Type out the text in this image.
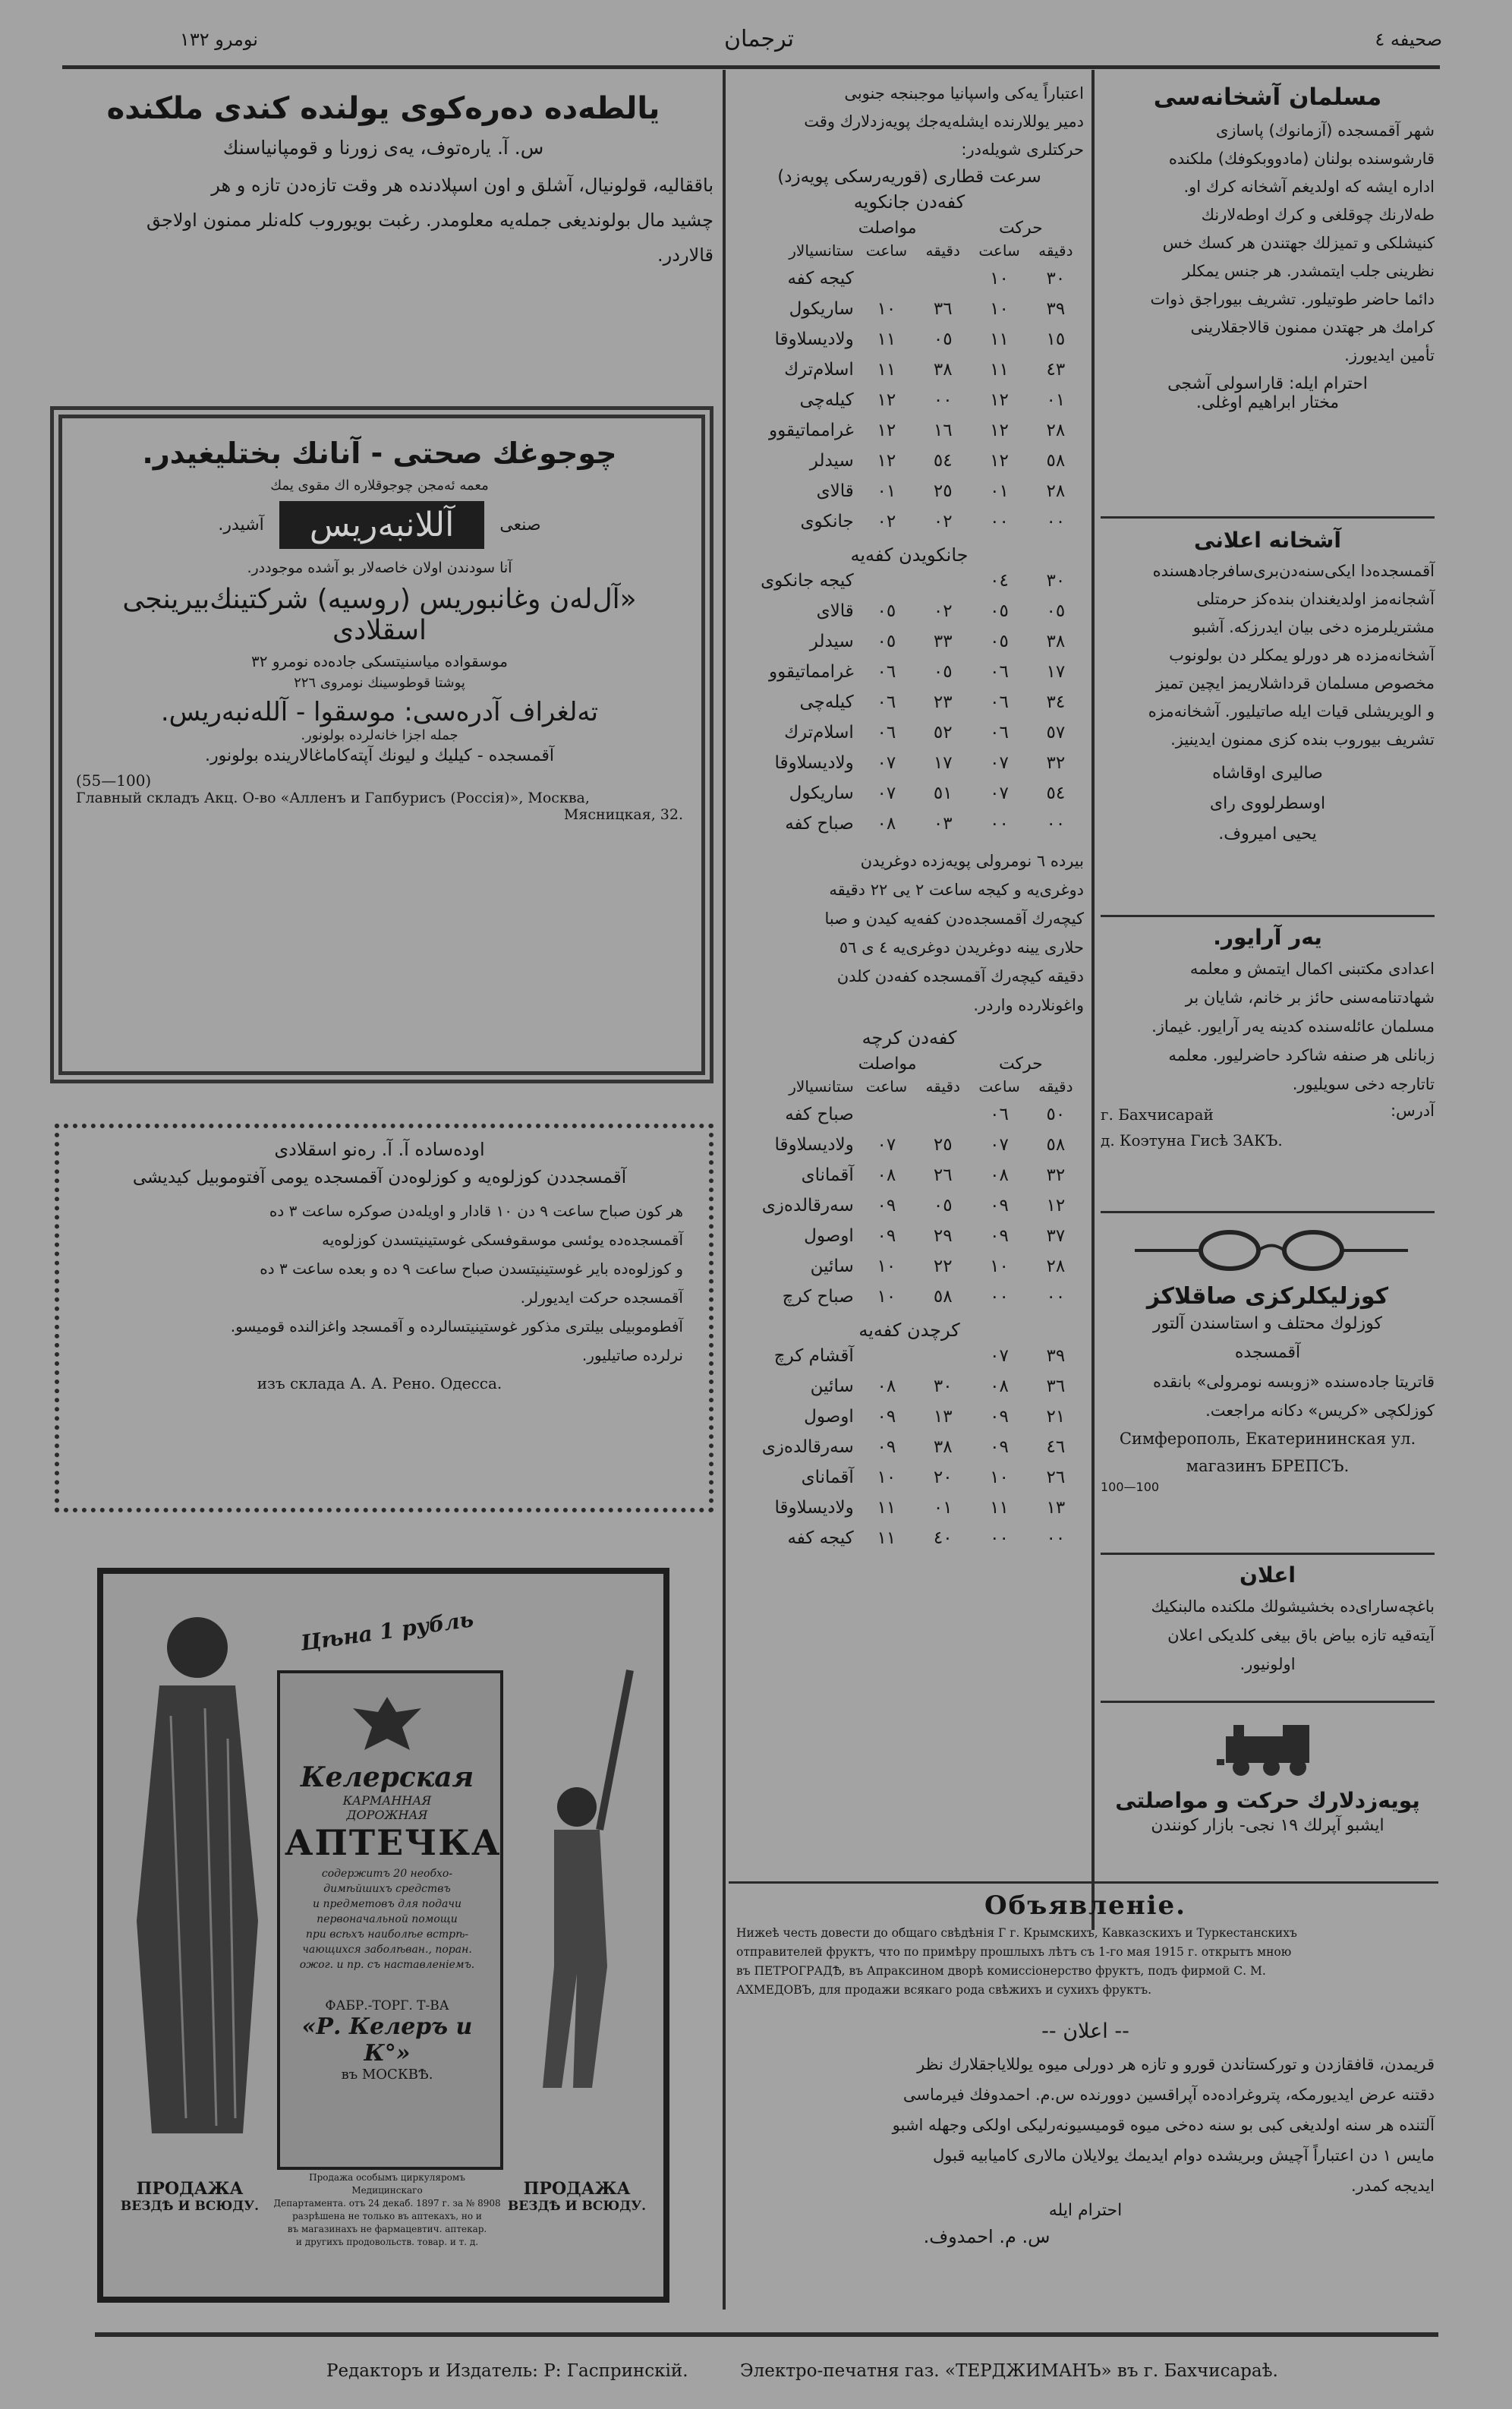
نومرو ١٣٢	ترجمان	صحيفه ٤
مسلمان آشخانه‌سی
شهر آقمسجده (آزمانوك) پاسازی
قارشوسنده بولنان (مادووبکوفك) ملکنده
اداره ایشه که اولدیغم آشخانه کرك او.
طه‌لارنك چوقلغی و کرك اوطه‌لارنك
کنیشلکی و تمیزلك جهتندن هر کسك خس
نظرینی جلب ایتمشدر. هر جنس یمکلر
دائما حاضر طوتیلور. تشریف بیوراجق ذوات
کرامك هر جهتدن ممنون قالاجقلارینی
تأمین ایدیورز.
احترام ایله: قاراسولی آشجی
مختار ابراهیم اوغلی.
آشخانه اعلانی
آقمسجده‌دا ایکی‌سنه‌دن‌بری‌سافرجادهسنده
آشجانه‌مز اولدیغندان بنده‌کز حرمتلی
مشتریلرمزه دخی بیان ایدرزکه. آشبو
آشخانه‌مزده هر دورلو یمکلر دن بولونوب
مخصوص مسلمان قرداشلاریمز ایچین تمیز
و الویریشلی قیات ایله صاتیلیور. آشخانه‌مزه
تشریف بیوروب بنده کزی ممنون ایدینیز.
صالیری اوقاشاه
اوسطرلووی رای
یحیی امیروف.
یه‌ر آرایور.
اعدادی مکتبنی اکمال ایتمش و معلمه
شهادتنامه‌سنی حائز بر خانم، شایان بر
مسلمان عائله‌سنده کدینه یه‌ر آرایور. غیماز.
زبانلی هر صنفه شاکرد حاضرلیور. معلمه
تاتارجه دخی سویلیور.
آدرس:
г. Бахчисарай
д. Коэтуна Гисѣ ЗАКЪ.
کوزلیکلرکزی صاقلاکز
کوزلوك محتلف و استاسندن آلتور
آقمسجده
قاتریتا جاده‌سنده «زوبسه نومرولی» بانقده
کوزلکچی «کریس» دکانه مراجعت.
Симферополь, Екатерининская ул.
магазинъ БРЕПСЪ.
100—100
اعلان
باغچه‌سارای‌ده بخشیشولك ملکنده مالبنکیك
آیته‌قیه تازه بیاض باق بیغی کلدیکی اعلان
اولونیور.
پویه‌زدلارك حرکت و مواصلتی
ایشبو آپرلك ١٩ نجی- بازار کونندن
اعتباراً یه‌کی واسپانیا موجبنجه جنوبی
دمیر یوللارنده ایشله‌یه‌جك پویه‌زدلارك وقت
حرکتلری شویله‌در:
سرعت قطاری (قوریه‌رسکی پویه‌زد)
کفه‌دن جانکویه
حرکت
مواصلت
دقیقه	ساعت	دقیقه	ساعت	ستانسیالار
٣٠	١٠			کیجه کفه
٣٩	١٠	٣٦	١٠	ساریکول
١٥	١١	٠٥	١١	ولادیسلاوقا
٤٣	١١	٣٨	١١	اسلام‌ترك
٠١	١٢	٠٠	١٢	کیله‌چی
٢٨	١٢	١٦	١٢	غرامماتیقوو
٥٨	١٢	٥٤	١٢	سیدلر
٢٨	٠١	٢٥	٠١	قالای
٠٠	٠٠	٠٢	٠٢	جانکوی
جانکویدن کفه‌یه
٣٠	٠٤			کیجه جانکوی
٠٥	٠٥	٠٢	٠٥	قالای
٣٨	٠٥	٣٣	٠٥	سیدلر
١٧	٠٦	٠٥	٠٦	غرامماتیقوو
٣٤	٠٦	٢٣	٠٦	کیله‌چی
٥٧	٠٦	٥٢	٠٦	اسلام‌ترك
٣٢	٠٧	١٧	٠٧	ولادیسلاوقا
٥٤	٠٧	٥١	٠٧	ساریکول
٠٠	٠٠	٠٣	٠٨	صباح کفه
بیرده ٦ نومرولی پویه‌زده دوغریدن
دوغری‌یه و کیجه ساعت ٢ یی ٢٢ دقیقه
کیچه‌رك آقمسجده‌دن کفه‌یه کیدن و صبا
حلاری یینه دوغریدن دوغری‌یه ٤ ی ٥٦
دقیقه کیچه‌رك آقمسجده کفه‌دن کلدن
واغونلارده واردر.
کفه‌دن کرچه
حرکت
مواصلت
دقیقه	ساعت	دقیقه	ساعت	ستانسیالار
٥٠	٠٦			صباح کفه
٥٨	٠٧	٢٥	٠٧	ولادیسلاوقا
٣٢	٠٨	٢٦	٠٨	آقمانای
١٢	٠٩	٠٥	٠٩	سه‌رقالده‌زی
٣٧	٠٩	٢٩	٠٩	اوصول
٢٨	١٠	٢٢	١٠	سائین
٠٠	٠٠	٥٨	١٠	صباح کرچ
کرچدن کفه‌یه
٣٩	٠٧			آقشام کرچ
٣٦	٠٨	٣٠	٠٨	سائین
٢١	٠٩	١٣	٠٩	اوصول
٤٦	٠٩	٣٨	٠٩	سه‌رقالده‌زی
٢٦	١٠	٢٠	١٠	آقمانای
١٣	١١	٠١	١١	ولادیسلاوقا
٠٠	٠٠	٤٠	١١	کیجه کفه
Объявленіе.
Нижеѣ честь довести до общаго свѣдѣнія Г г. Крымскихъ, Кавказскихъ и Туркестанскихъ
отправителей фруктъ, что по примѣру прошлыхъ лѣтъ съ 1-го мая 1915 г. открытъ мною
въ ПЕТРОГРАДѢ, въ Апраксином дворѣ комиссіонерство фруктъ, подъ фирмой С. М.
АХМЕДОВЪ, для продажи всякаго рода свѣжихъ и сухихъ фруктъ.
-- اعلان --
قریمدن، قافقازدن و تورکستاندن قورو و تازه هر دورلی میوه یوللایاجقلارك نظر
دقتنه عرض ایدیورمکه، پتروغراده‌ده آپراقسین دوورنده س.م. احمدوفك فیرماسی
آلتنده هر سنه اولدیغی کبی بو سنه ده‌خی میوه قومیسیونه‌رلیکی اولکی وجهله اشبو
مایس ١ دن اعتباراً آچیش وبریشده دوام ایدیمك یولایلان مالاری کامیابیه قبول
ایدیجه کمدر.
احترام ایله
س. م. احمدوف.
یالطه‌ده ده‌ره‌کوی یولنده کندی ملکنده
س. آ. یاره‌توف، یه‌ی زورنا و قومپانیاسنك
باققالیه، قولونیال، آشلق و اون اسپلادنده هر وقت تازه‌دن تازه و هر
چشید مال بولوندیغی جمله‌یه معلومدر. رغبت بویوروب کله‌نلر ممنون اولاجق
قالاردر.
چوجوغك صحتی - آنانك بختلیغیدر.
معمه ئه‌مجن چوجوقلاره اك مقوی یمك
صنعی
آللانبه‌ریس
آشیدر.
آنا سودندن اولان خاصه‌لار بو آشده موجوددر.
«آل‌له‌ن وغانبوریس (روسیه) شرکتینك‌بیرینجی
اسقلادی
موسقواده میاسنیتسکی جاده‌ده نومرو ٣٢
پوشتا قوطوسینك نومروی ٢٢٦
تەلغراف آدرەسی: موسقوا - آللەنبەریس.
جمله اجزا خانه‌لرده بولونور.
آقمسجده - کیلیك و لیونك آپته‌کاماغالارینده بولونور.
(55—100)
Главный складъ Акц. О-во «Алленъ и Гапбурисъ (Россія)», Москва,
Мясницкая, 32.
اوده‌ساده آ. آ. ره‌نو اسقلادی
آقمسجددن کوزلوه‌یه و کوزلوه‌دن آقمسجده یومی آفتوموبیل کیدیشی
هر کون صباح ساعت ٩ دن ١٠ قادار و اویله‌دن صوکره ساعت ٣ ده
آقمسجده‌ده یوئسی موسقوفسکی غوستینیتسدن کوزلوه‌یه
و کوزلوه‌ده بایر غوستینیتسدن صباح ساعت ٩ ده و بعده ساعت ٣ ده
آقمسجده حرکت ایدیورلر.
آفطوموبیلی بیلتری مذکور غوستینیتسالرده و آقمسجد واغزالنده قومیسو.
نرلرده صاتیلیور.
изъ склада А. А. Рено. Одесса.
Цѣна 1 рубль
Келерская
КАРМАННАЯ
ДОРОЖНАЯ
АПТЕЧКА
содержитъ 20 необхо-
димѣйшихъ средствъ
и предметовъ для подачи
первоначальной помощи
при всѣхъ наиболѣе встрѣ-
чающихся заболѣван., поран.
ожог. и пр. съ наставленіемъ.
ФАБР.-ТОРГ. Т-ВА
«Р. Келеръ и К°»
въ МОСКВѢ.
Продажа особымъ циркуляромъ Медицинскаго
Департамента. отъ 24 декаб. 1897 г. за № 8908
разрѣшена не только въ аптекахъ, но и
въ магазинахъ не фармацевтич. аптекар.
и другихъ продовольств. товар. и т. д.
ПРОДАЖА
ВЕЗДѢ И ВСЮДУ.
ПРОДАЖА
ВЕЗДѢ И ВСЮДУ.
Редакторъ и Издатель: Р: Гаспринскій.	Электро-печатня газ. «ТЕРДЖИМАНЪ» въ г. Бахчисараѣ.
